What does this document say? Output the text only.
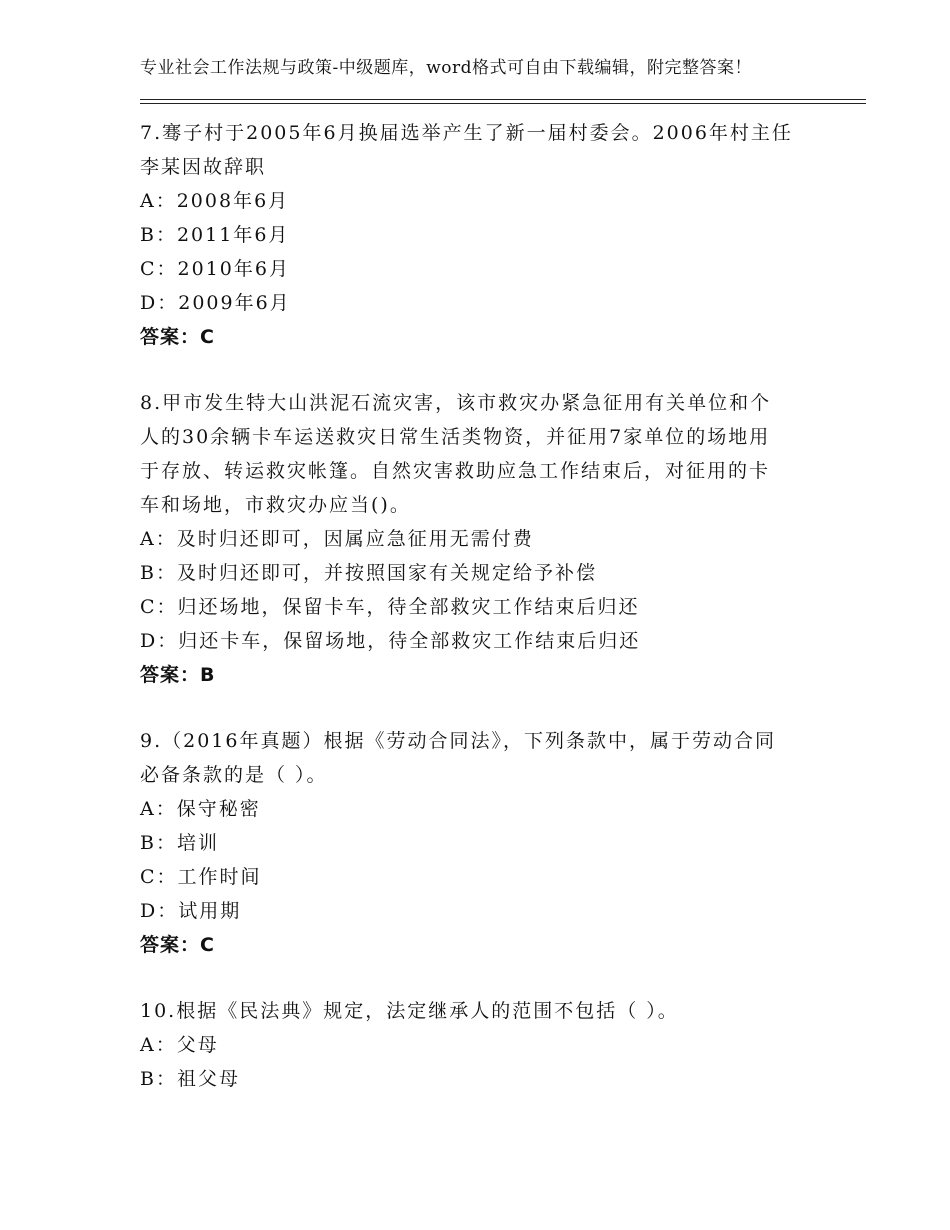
专业社会工作法规与政策-中级题库，word格式可自由下载编辑，附完整答案！
7.骞子村于2005年6月换届选举产生了新一届村委会。2006年村主任
李某因故辞职
A：2008年6月
B：2011年6月
C：2010年6月
D：2009年6月
答案：C
8.甲市发生特大山洪泥石流灾害，该市救灾办紧急征用有关单位和个
人的30余辆卡车运送救灾日常生活类物资，并征用7家单位的场地用
于存放、转运救灾帐篷。自然灾害救助应急工作结束后，对征用的卡
车和场地，市救灾办应当()。
A：及时归还即可，因属应急征用无需付费
B：及时归还即可，并按照国家有关规定给予补偿
C：归还场地，保留卡车，待全部救灾工作结束后归还
D：归还卡车，保留场地，待全部救灾工作结束后归还
答案：B
9.（2016年真题）根据《劳动合同法》，下列条款中，属于劳动合同
必备条款的是（ ）。
A：保守秘密
B：培训
C：工作时间
D：试用期
答案：C
10.根据《民法典》规定，法定继承人的范围不包括（ ）。
A：父母
B：祖父母
